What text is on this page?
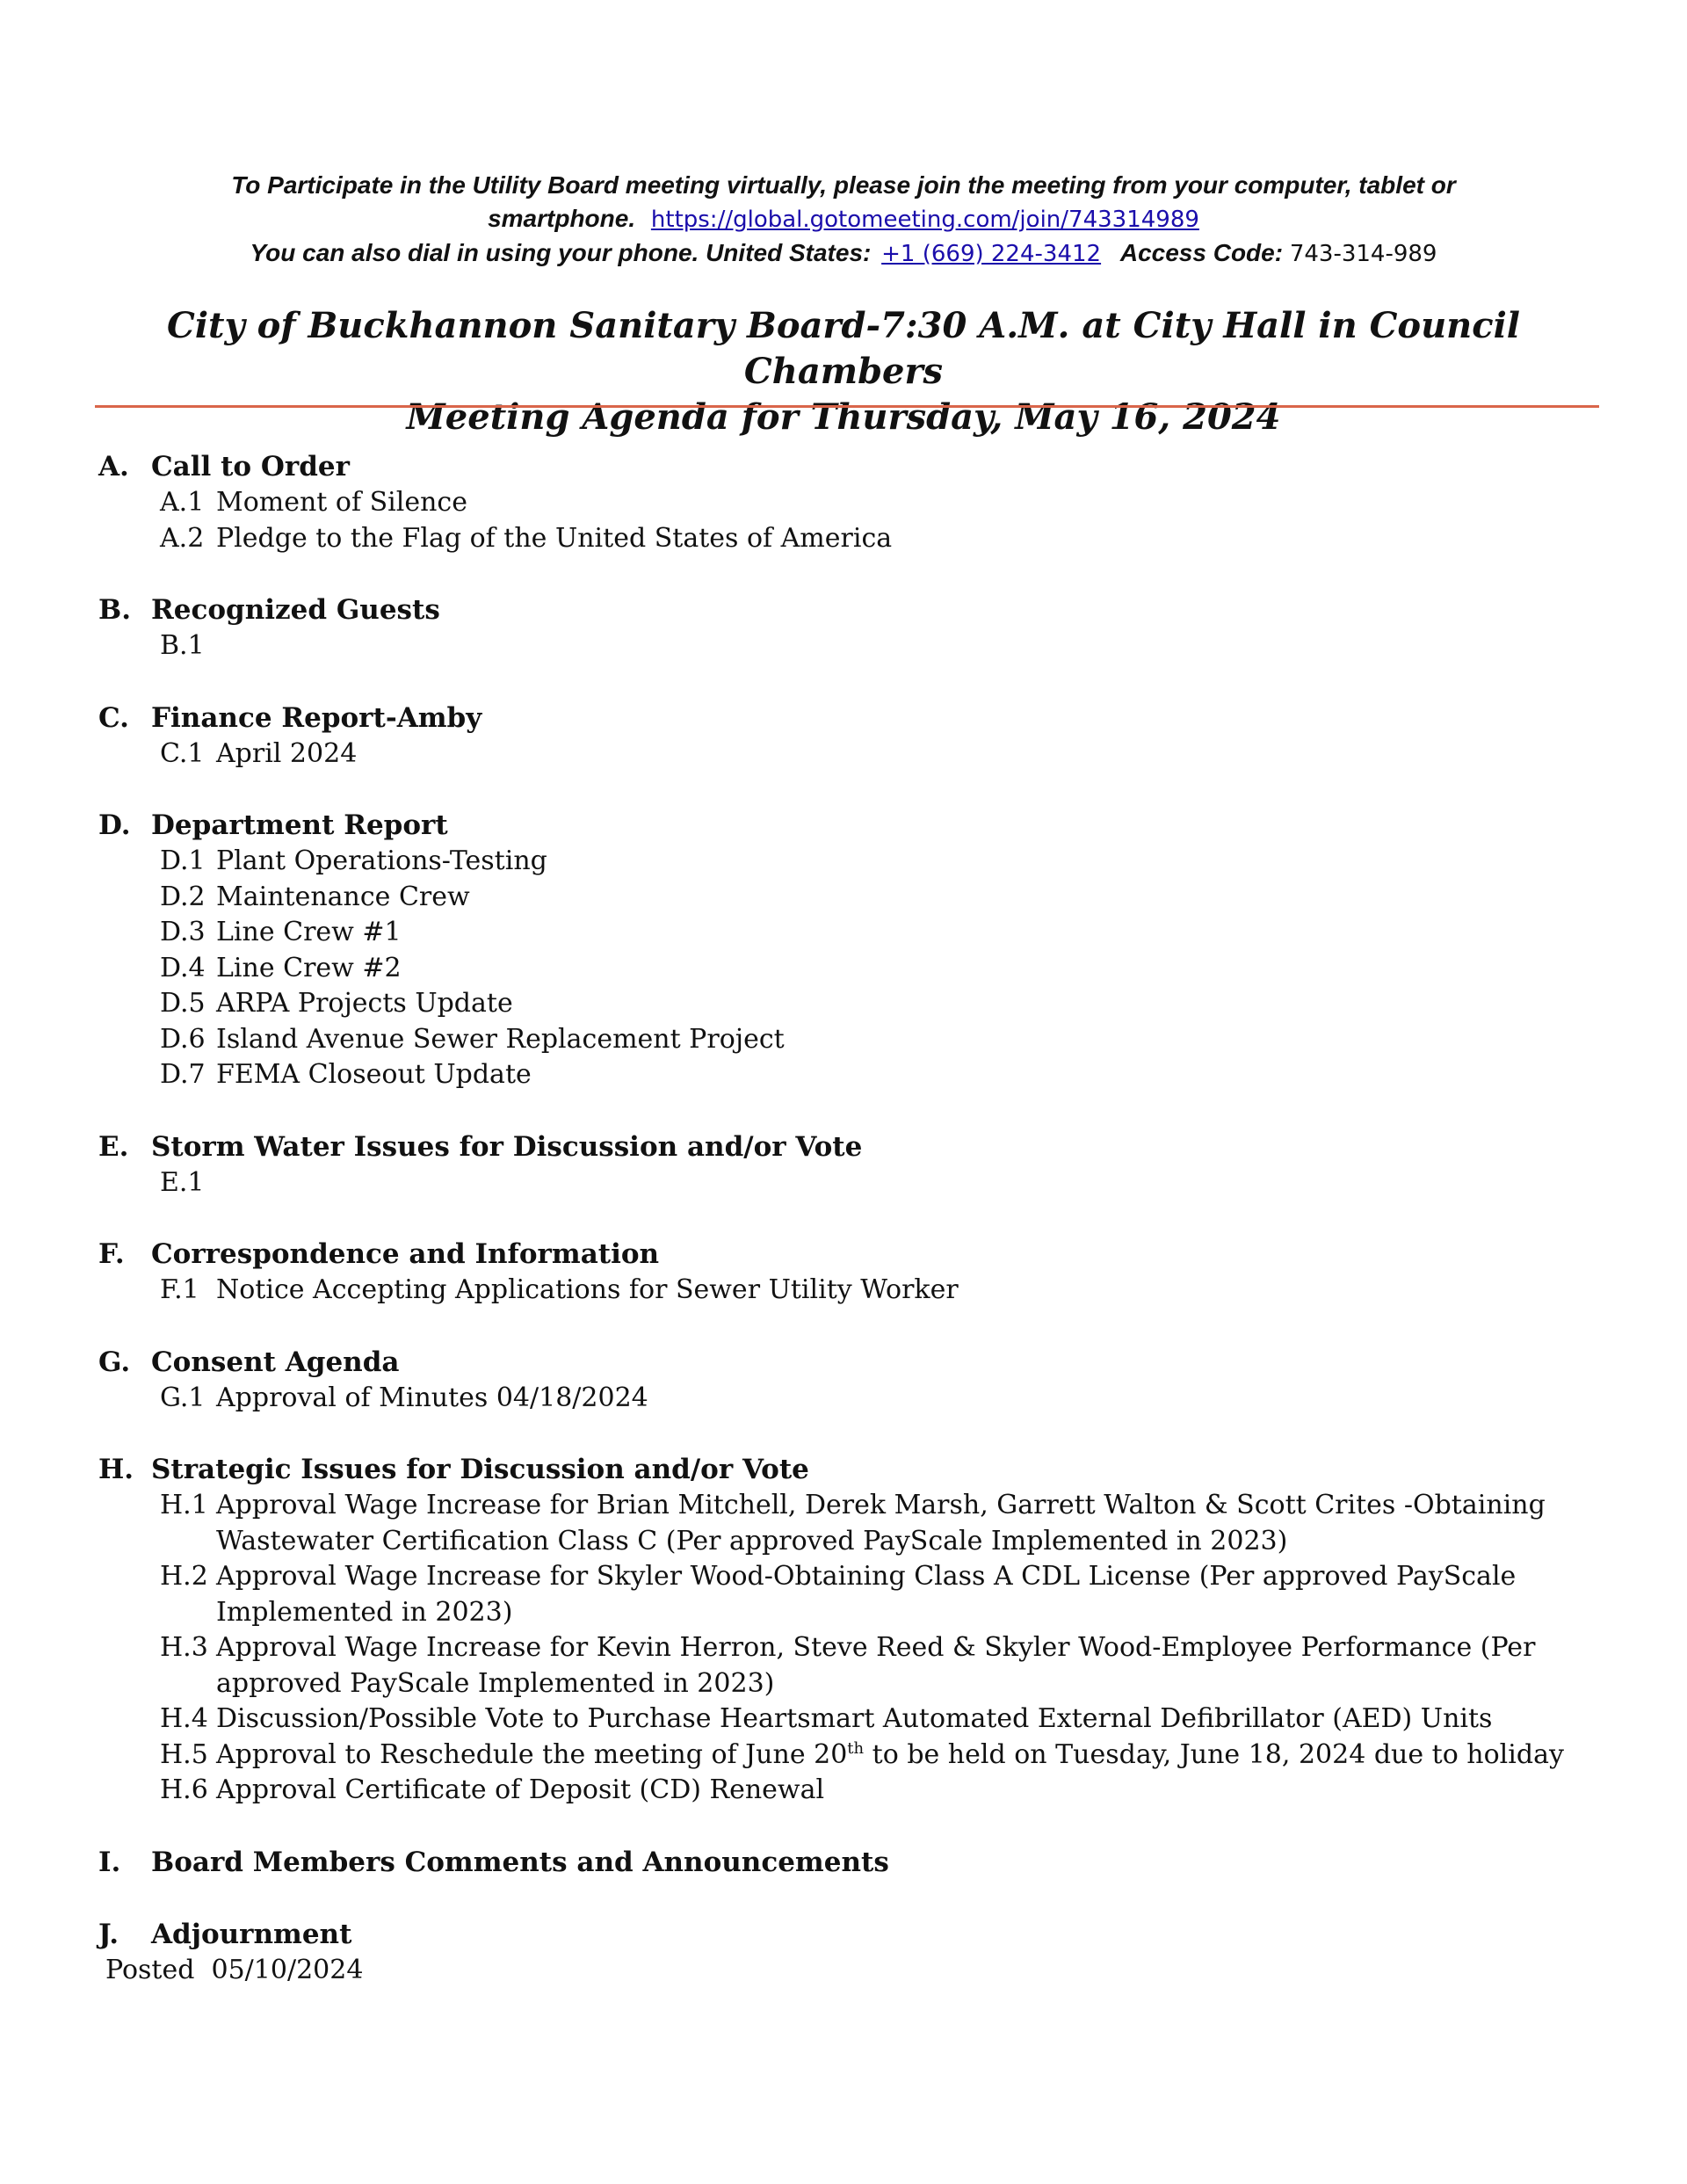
To Participate in the Utility Board meeting virtually, please join the meeting from your computer, tablet or
smartphone. https://global.gotomeeting.com/join/743314989
You can also dial in using your phone. United States: +1 (669) 224-3412 Access Code: 743-314-989
City of Buckhannon Sanitary Board-7:30 A.M. at City Hall in Council Chambers
Meeting Agenda for Thursday, May 16, 2024
A. Call to Order
A.1 Moment of Silence
A.2 Pledge to the Flag of the United States of America
B. Recognized Guests
B.1
C. Finance Report-Amby
C.1 April 2024
D. Department Report
D.1 Plant Operations-Testing
D.2 Maintenance Crew
D.3 Line Crew #1
D.4 Line Crew #2
D.5 ARPA Projects Update
D.6 Island Avenue Sewer Replacement Project
D.7 FEMA Closeout Update
E. Storm Water Issues for Discussion and/or Vote
E.1
F. Correspondence and Information
F.1 Notice Accepting Applications for Sewer Utility Worker
G. Consent Agenda
G.1 Approval of Minutes 04/18/2024
H. Strategic Issues for Discussion and/or Vote
H.1 Approval Wage Increase for Brian Mitchell, Derek Marsh, Garrett Walton & Scott Crites -Obtaining Wastewater Certification Class C (Per approved PayScale Implemented in 2023)
H.2 Approval Wage Increase for Skyler Wood-Obtaining Class A CDL License (Per approved PayScale Implemented in 2023)
H.3 Approval Wage Increase for Kevin Herron, Steve Reed & Skyler Wood-Employee Performance (Per approved PayScale Implemented in 2023)
H.4 Discussion/Possible Vote to Purchase Heartsmart Automated External Defibrillator (AED) Units
H.5 Approval to Reschedule the meeting of June 20th to be held on Tuesday, June 18, 2024 due to holiday
H.6 Approval Certificate of Deposit (CD) Renewal
I.	Board Members Comments and Announcements
J.	Adjournment
Posted  05/10/2024
